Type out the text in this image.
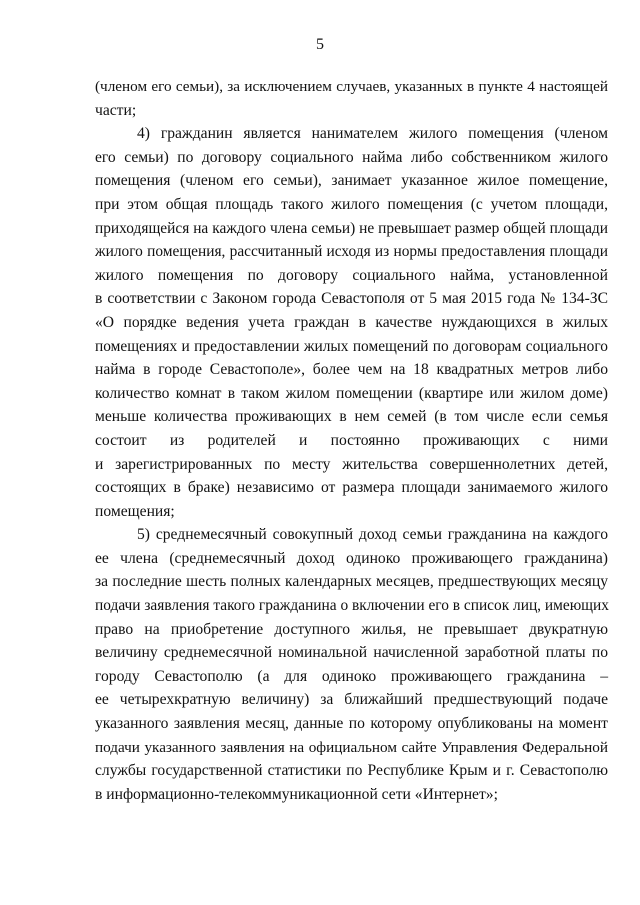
5
(членом его семьи), за исключением случаев, указанных в пункте 4 настоящей
части;
4) гражданин является нанимателем жилого помещения (членом
его семьи) по договору социального найма либо собственником жилого
помещения (членом его семьи), занимает указанное жилое помещение,
при этом общая площадь такого жилого помещения (с учетом площади,
приходящейся на каждого члена семьи) не превышает размер общей площади
жилого помещения, рассчитанный исходя из нормы предоставления площади
жилого помещения по договору социального найма, установленной
в соответствии с Законом города Севастополя от 5 мая 2015 года № 134-ЗС
«О порядке ведения учета граждан в качестве нуждающихся в жилых
помещениях и предоставлении жилых помещений по договорам социального
найма в городе Севастополе», более чем на 18 квадратных метров либо
количество комнат в таком жилом помещении (квартире или жилом доме)
меньше количества проживающих в нем семей (в том числе если семья
состоит из родителей и постоянно проживающих с ними
и зарегистрированных по месту жительства совершеннолетних детей,
состоящих в браке) независимо от размера площади занимаемого жилого
помещения;
5) среднемесячный совокупный доход семьи гражданина на каждого
ее члена (среднемесячный доход одиноко проживающего гражданина)
за последние шесть полных календарных месяцев, предшествующих месяцу
подачи заявления такого гражданина о включении его в список лиц, имеющих
право на приобретение доступного жилья, не превышает двукратную
величину среднемесячной номинальной начисленной заработной платы по
городу Севастополю (а для одиноко проживающего гражданина –
ее четырехкратную величину) за ближайший предшествующий подаче
указанного заявления месяц, данные по которому опубликованы на момент
подачи указанного заявления на официальном сайте Управления Федеральной
службы государственной статистики по Республике Крым и г. Севастополю
в информационно-телекоммуникационной сети «Интернет»;
